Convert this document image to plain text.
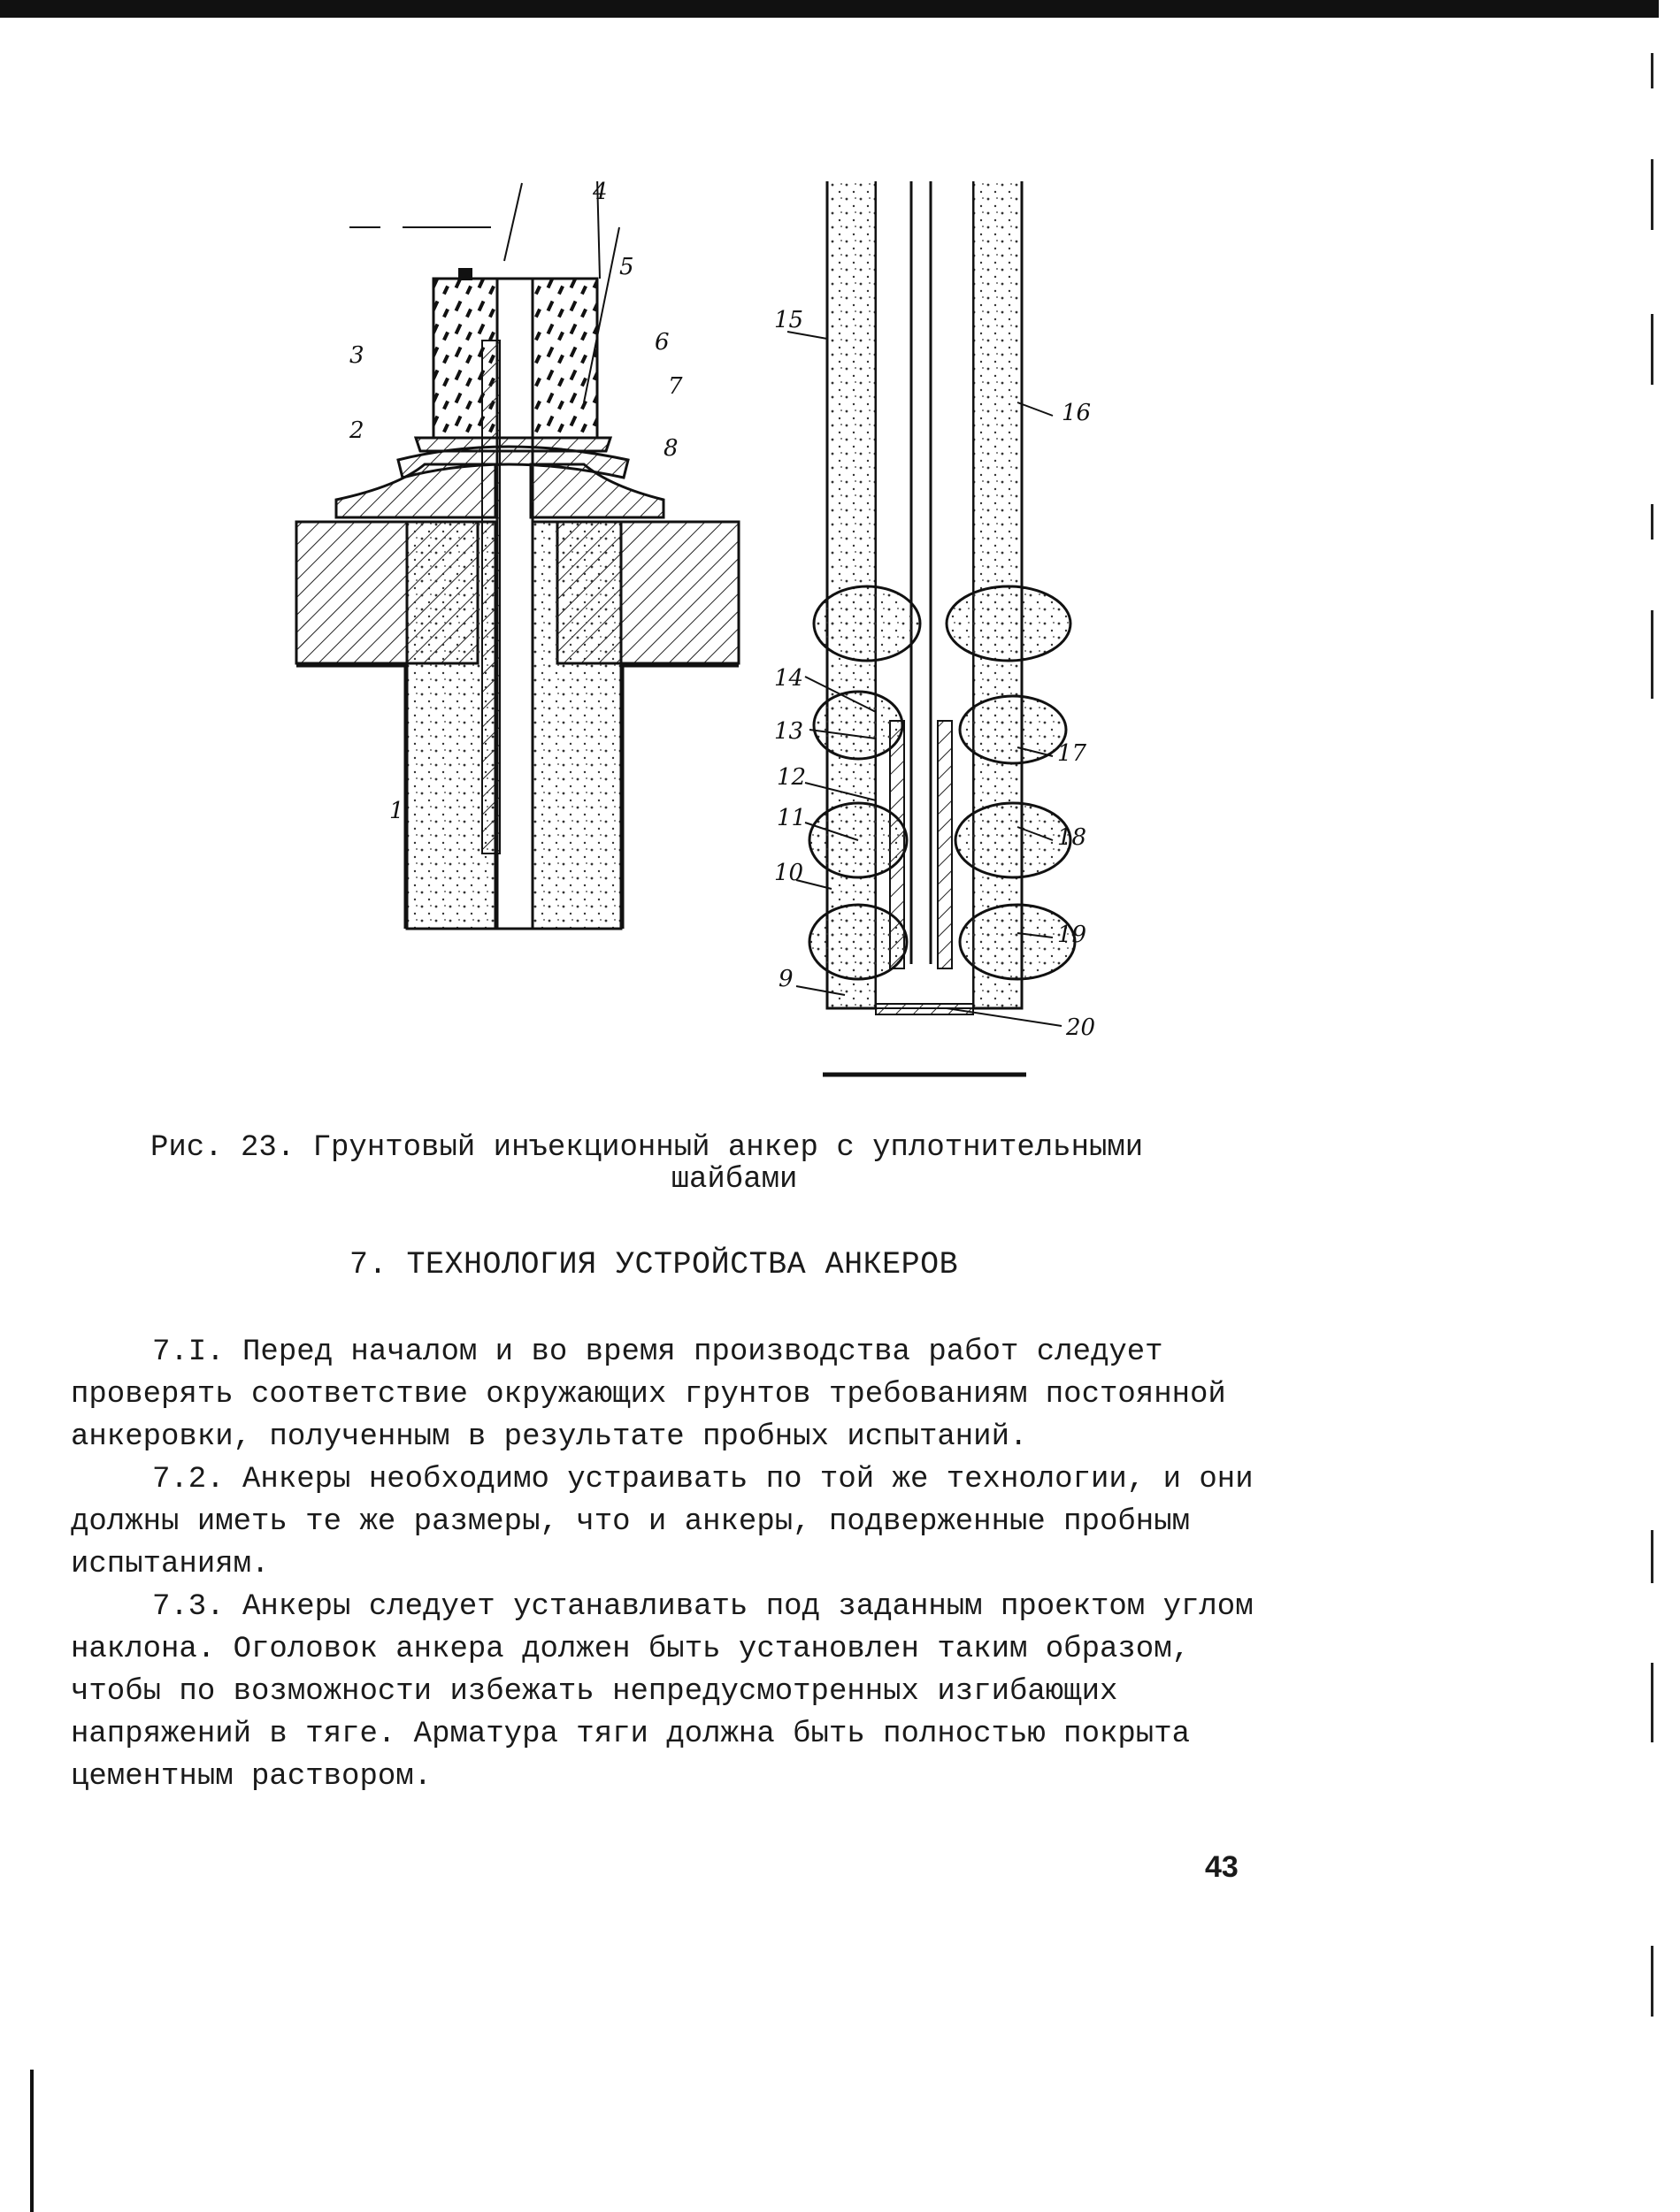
1
2
3
4
5
6
7
8
9
10
11
12
13
14
15
16
17
18
19
20
Рис. 23. Грунтовый инъекционный анкер с уплотнительными
шайбами
7. ТЕХНОЛОГИЯ УСТРОЙСТВА АНКЕРОВ

7.I. Перед началом и во время производства работ следует проверять соответствие окружающих грунтов требованиям постоянной анкеровки, полученным в результате пробных испытаний.

7.2. Анкеры необходимо устраивать по той же технологии, и они должны иметь те же размеры, что и анкеры, подверженные пробным испытаниям.

7.3. Анкеры следует устанавливать под заданным проектом углом наклона. Оголовок анкера должен быть установлен таким образом, чтобы по возможности избежать непредусмотренных изгибающих напряжений в тяге. Арматура тяги должна быть полностью покрыта цементным раствором.

43
